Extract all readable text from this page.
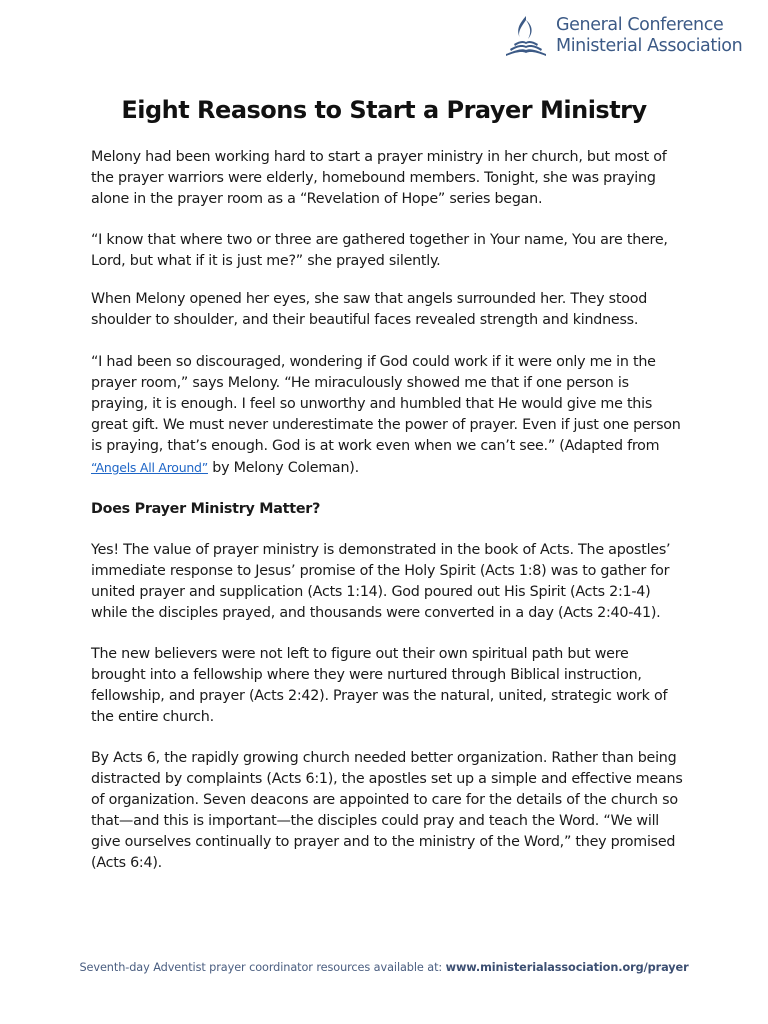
General Conference
Ministerial Association
Eight Reasons to Start a Prayer Ministry

Melony had been working hard to start a prayer ministry in her church, but most of the prayer warriors were elderly, homebound members. Tonight, she was praying alone in the prayer room as a “Revelation of Hope” series began.

“I know that where two or three are gathered together in Your name, You are there, Lord, but what if it is just me?” she prayed silently.

When Melony opened her eyes, she saw that angels surrounded her. They stood shoulder to shoulder, and their beautiful faces revealed strength and kindness.

“I had been so discouraged, wondering if God could work if it were only me in the prayer room,” says Melony. “He miraculously showed me that if one person is praying, it is enough. I feel so unworthy and humbled that He would give me this great gift. We must never underestimate the power of prayer. Even if just one person is praying, that’s enough. God is at work even when we can’t see.” (Adapted from “Angels All Around” by Melony Coleman).

Does Prayer Ministry Matter?

Yes! The value of prayer ministry is demonstrated in the book of Acts. The apostles’ immediate response to Jesus’ promise of the Holy Spirit (Acts 1:8) was to gather for united prayer and supplication (Acts 1:14). God poured out His Spirit (Acts 2:1-4) while the disciples prayed, and thousands were converted in a day (Acts 2:40-41).

The new believers were not left to figure out their own spiritual path but were brought into a fellowship where they were nurtured through Biblical instruction, fellowship, and prayer (Acts 2:42). Prayer was the natural, united, strategic work of the entire church.

By Acts 6, the rapidly growing church needed better organization. Rather than being distracted by complaints (Acts 6:1), the apostles set up a simple and effective means of organization. Seven deacons are appointed to care for the details of the church so that—and this is important—the disciples could pray and teach the Word. “We will give ourselves continually to prayer and to the ministry of the Word,” they promised (Acts 6:4).

Seventh-day Adventist prayer coordinator resources available at: www.ministerialassociation.org/prayer
